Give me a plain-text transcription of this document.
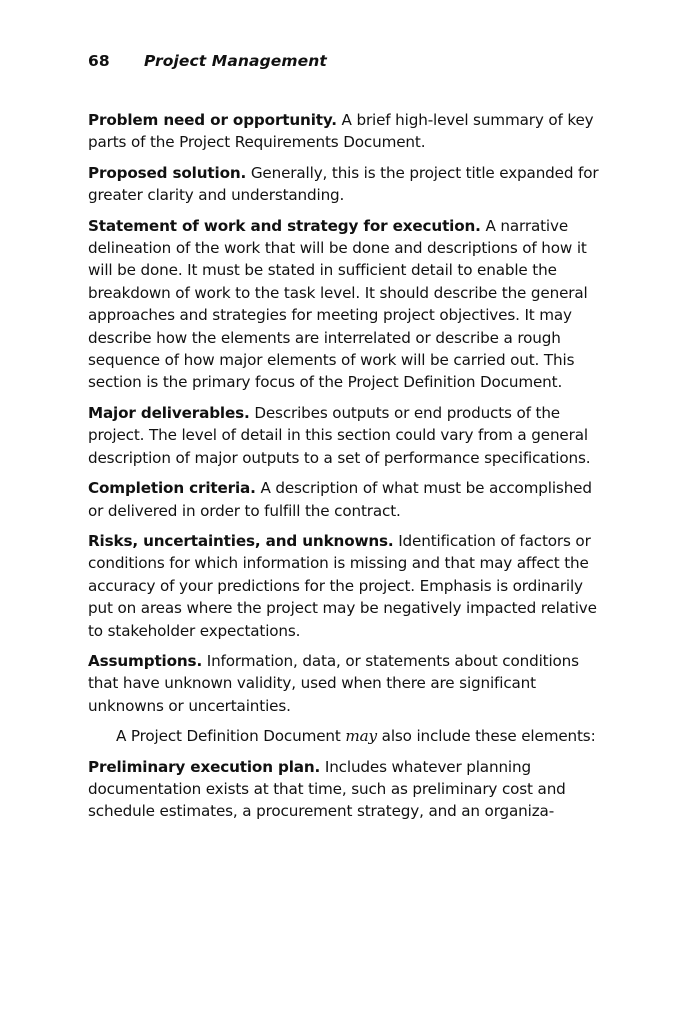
68 Project Management

Problem need or opportunity. A brief high-level summary of key parts of the Project Requirements Document.

Proposed solution. Generally, this is the project title expanded for greater clarity and understanding.

Statement of work and strategy for execution. A narrative delineation of the work that will be done and descriptions of how it will be done. It must be stated in sufficient detail to enable the breakdown of work to the task level. It should describe the general approaches and strategies for meeting project objectives. It may describe how the elements are interrelated or describe a rough sequence of how major elements of work will be carried out. This section is the primary focus of the Project Definition Document.

Major deliverables. Describes outputs or end products of the project. The level of detail in this section could vary from a general description of major outputs to a set of performance specifications.

Completion criteria. A description of what must be accomplished or delivered in order to fulfill the contract.

Risks, uncertainties, and unknowns. Identification of factors or conditions for which information is missing and that may affect the accuracy of your predictions for the project. Emphasis is ordinarily put on areas where the project may be negatively impacted relative to stakeholder expectations.

Assumptions. Information, data, or statements about conditions that have unknown validity, used when there are significant unknowns or uncertainties.

A Project Definition Document may also include these elements:

Preliminary execution plan. Includes whatever planning documentation exists at that time, such as preliminary cost and schedule estimates, a procurement strategy, and an organiza-
